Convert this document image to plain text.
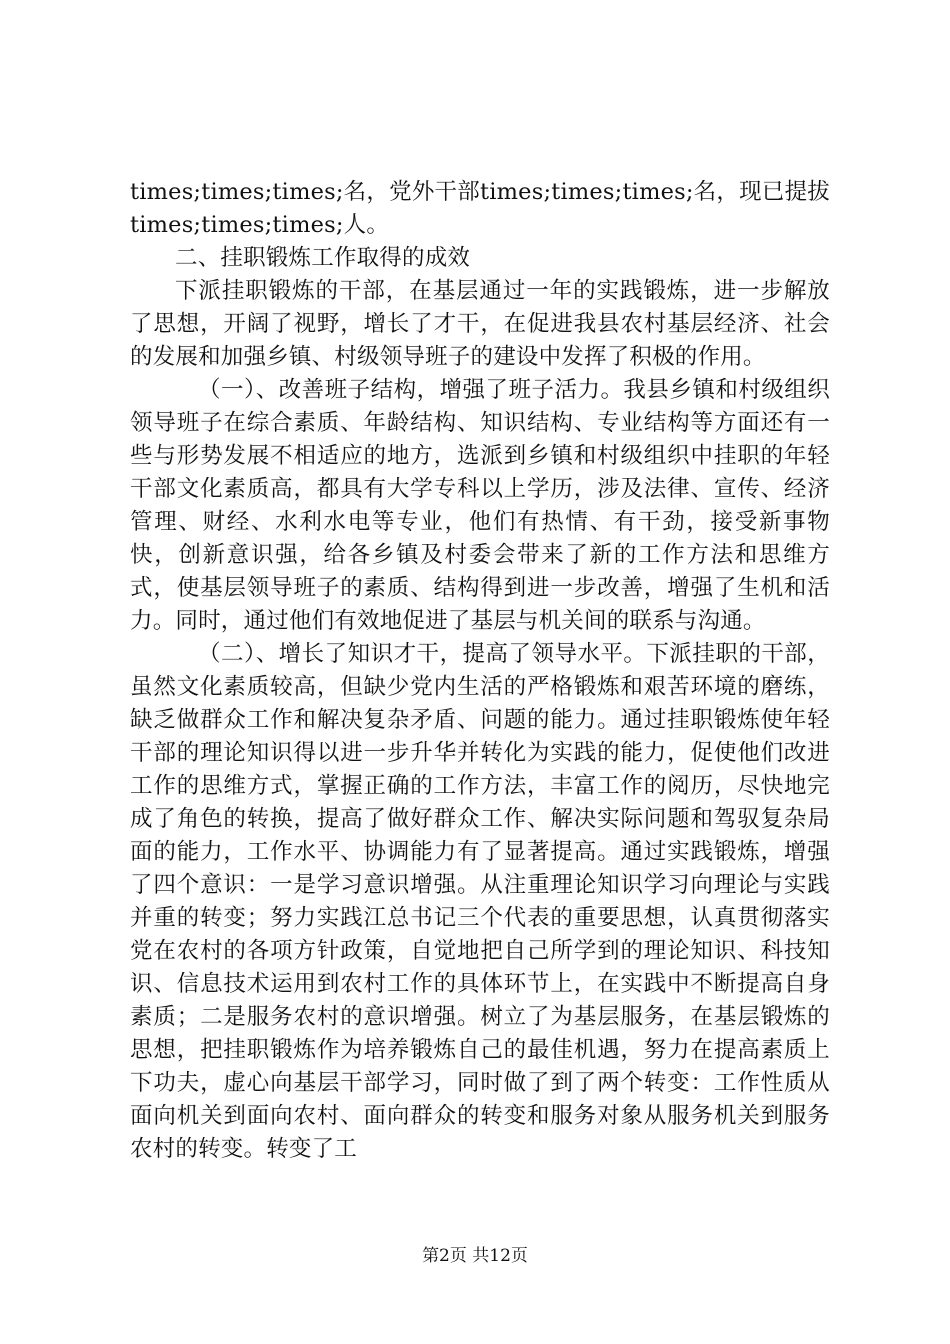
times;times;times;名，党外干部times;times;times;名，现已提拔times;times;times;人。

二、挂职锻炼工作取得的成效

下派挂职锻炼的干部，在基层通过一年的实践锻炼，进一步解放了思想，开阔了视野，增长了才干，在促进我县农村基层经济、社会的发展和加强乡镇、村级领导班子的建设中发挥了积极的作用。

（一）、改善班子结构，增强了班子活力。我县乡镇和村级组织领导班子在综合素质、年龄结构、知识结构、专业结构等方面还有一些与形势发展不相适应的地方，选派到乡镇和村级组织中挂职的年轻干部文化素质高，都具有大学专科以上学历，涉及法律、宣传、经济管理、财经、水利水电等专业，他们有热情、有干劲，接受新事物快，创新意识强，给各乡镇及村委会带来了新的工作方法和思维方式，使基层领导班子的素质、结构得到进一步改善，增强了生机和活力。同时，通过他们有效地促进了基层与机关间的联系与沟通。

（二）、增长了知识才干，提高了领导水平。下派挂职的干部，虽然文化素质较高，但缺少党内生活的严格锻炼和艰苦环境的磨练，缺乏做群众工作和解决复杂矛盾、问题的能力。通过挂职锻炼使年轻干部的理论知识得以进一步升华并转化为实践的能力，促使他们改进工作的思维方式，掌握正确的工作方法，丰富工作的阅历，尽快地完成了角色的转换，提高了做好群众工作、解决实际问题和驾驭复杂局面的能力，工作水平、协调能力有了显著提高。通过实践锻炼，增强了四个意识：一是学习意识增强。从注重理论知识学习向理论与实践并重的转变；努力实践江总书记三个代表的重要思想，认真贯彻落实党在农村的各项方针政策，自觉地把自己所学到的理论知识、科技知识、信息技术运用到农村工作的具体环节上，在实践中不断提高自身素质；二是服务农村的意识增强。树立了为基层服务，在基层锻炼的思想，把挂职锻炼作为培养锻炼自己的最佳机遇，努力在提高素质上下功夫，虚心向基层干部学习，同时做了到了两个转变：工作性质从面向机关到面向农村、面向群众的转变和服务对象从服务机关到服务农村的转变。转变了工

第2页 共12页
